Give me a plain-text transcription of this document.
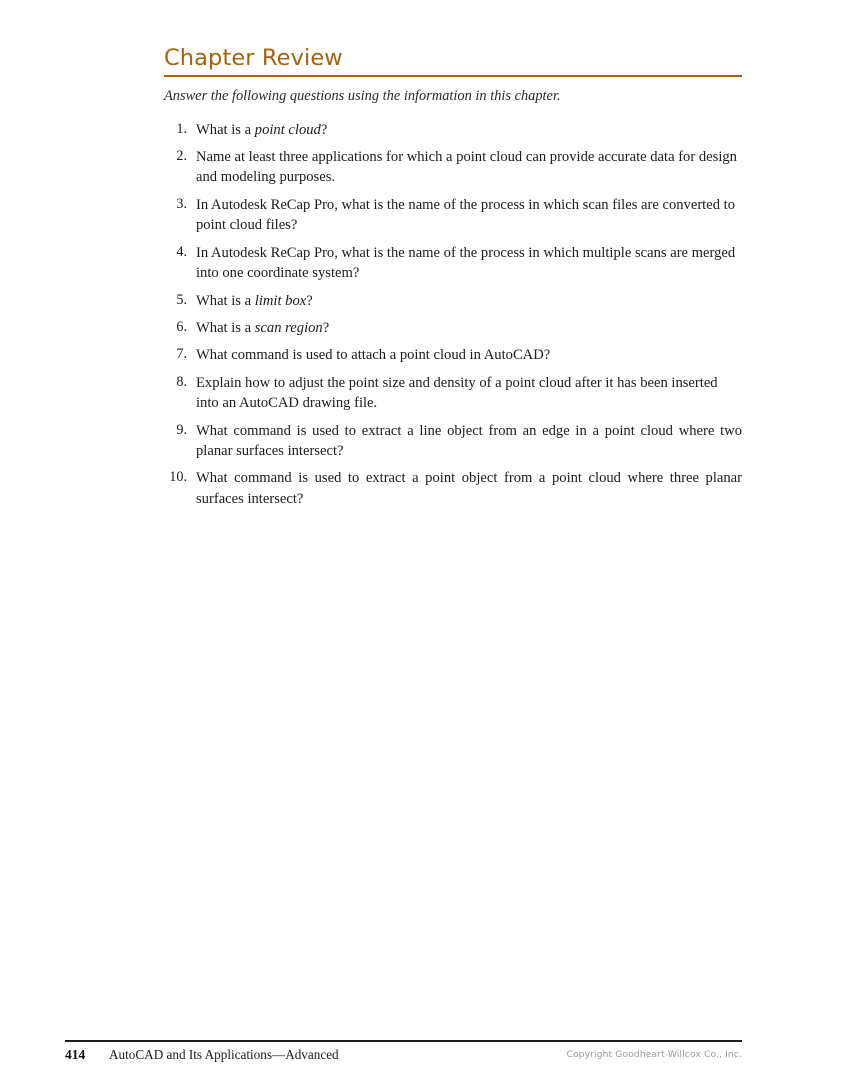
Chapter Review

Answer the following questions using the information in this chapter.

1. What is a point cloud?
2. Name at least three applications for which a point cloud can provide accurate data for design and modeling purposes.
3. In Autodesk ReCap Pro, what is the name of the process in which scan files are converted to point cloud files?
4. In Autodesk ReCap Pro, what is the name of the process in which multiple scans are merged into one coordinate system?
5. What is a limit box?
6. What is a scan region?
7. What command is used to attach a point cloud in AutoCAD?
8. Explain how to adjust the point size and density of a point cloud after it has been inserted into an AutoCAD drawing file.
9. What command is used to extract a line object from an edge in a point cloud where two planar surfaces intersect?
10. What command is used to extract a point object from a point cloud where three planar surfaces intersect?
414 AutoCAD and Its Applications—Advanced	Copyright Goodheart-Willcox Co., Inc.
